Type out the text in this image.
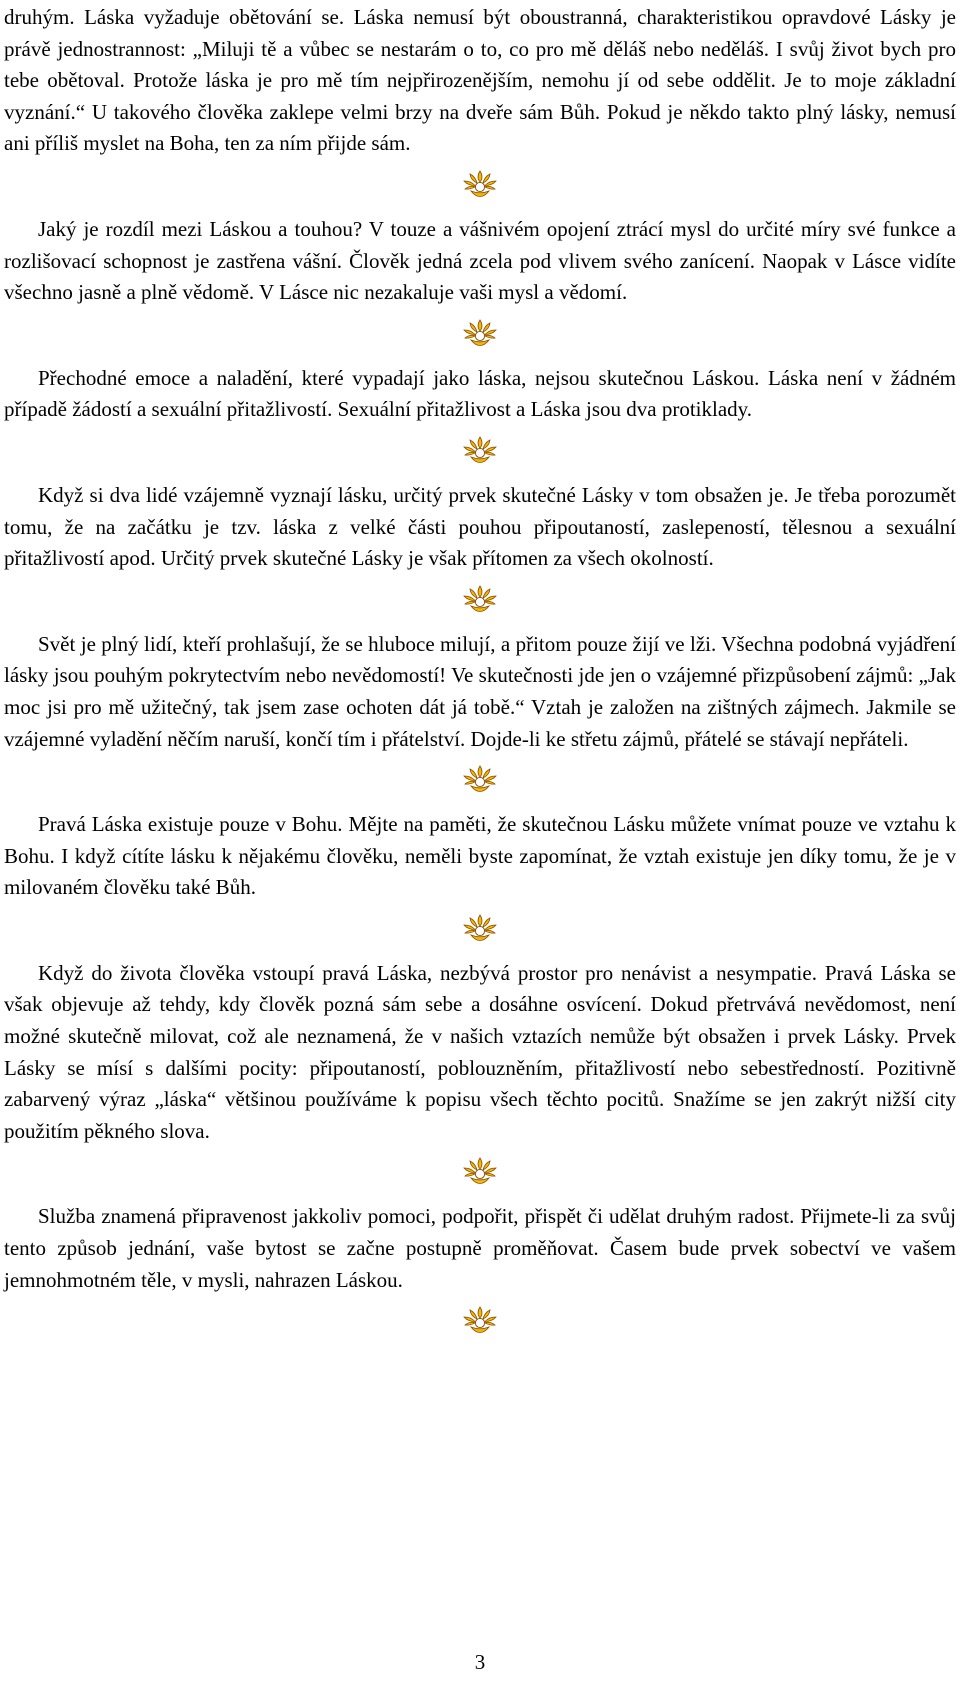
druhým. Láska vyžaduje obětování se. Láska nemusí být oboustranná, charakteristikou opravdové Lásky je právě jednostrannost: „Miluji tě a vůbec se nestarám o to, co pro mě děláš nebo neděláš. I svůj život bych pro tebe obětoval. Protože láska je pro mě tím nejpřirozenějším, nemohu jí od sebe oddělit. Je to moje základní vyznání.“ U takového člověka zaklepe velmi brzy na dveře sám Bůh. Pokud je někdo takto plný lásky, nemusí ani příliš myslet na Boha, ten za ním přijde sám.

Jaký je rozdíl mezi Láskou a touhou? V touze a vášnivém opojení ztrácí mysl do určité míry své funkce a rozlišovací schopnost je zastřena vášní. Člověk jedná zcela pod vlivem svého zanícení. Naopak v Lásce vidíte všechno jasně a plně vědomě. V Lásce nic nezakaluje vaši mysl a vědomí.

Přechodné emoce a naladění, které vypadají jako láska, nejsou skutečnou Láskou. Láska není v žádném případě žádostí a sexuální přitažlivostí. Sexuální přitažlivost a Láska jsou dva protiklady.

Když si dva lidé vzájemně vyznají lásku, určitý prvek skutečné Lásky v tom obsažen je. Je třeba porozumět tomu, že na začátku je tzv. láska z velké části pouhou připoutaností, zaslepeností, tělesnou a sexuální přitažlivostí apod. Určitý prvek skutečné Lásky je však přítomen za všech okolností.

Svět je plný lidí, kteří prohlašují, že se hluboce milují, a přitom pouze žijí ve lži. Všechna podobná vyjádření lásky jsou pouhým pokrytectvím nebo nevědomostí! Ve skutečnosti jde jen o vzájemné přizpůsobení zájmů: „Jak moc jsi pro mě užitečný, tak jsem zase ochoten dát já tobě.“ Vztah je založen na zištných zájmech. Jakmile se vzájemné vyladění něčím naruší, končí tím i přátelství. Dojde-li ke střetu zájmů, přátelé se stávají nepřáteli.

Pravá Láska existuje pouze v Bohu. Mějte na paměti, že skutečnou Lásku můžete vnímat pouze ve vztahu k Bohu. I když cítíte lásku k nějakému člověku, neměli byste zapomínat, že vztah existuje jen díky tomu, že je v milovaném člověku také Bůh.

Když do života člověka vstoupí pravá Láska, nezbývá prostor pro nenávist a nesympatie. Pravá Láska se však objevuje až tehdy, kdy člověk pozná sám sebe a dosáhne osvícení. Dokud přetrvává nevědomost, není možné skutečně milovat, což ale neznamená, že v našich vztazích nemůže být obsažen i prvek Lásky. Prvek Lásky se mísí s dalšími pocity: připoutaností, poblouzněním, přitažlivostí nebo sebestředností. Pozitivně zabarvený výraz „láska“ většinou používáme k popisu všech těchto pocitů. Snažíme se jen zakrýt nižší city použitím pěkného slova.

Služba znamená připravenost jakkoliv pomoci, podpořit, přispět či udělat druhým radost. Přijmete-li za svůj tento způsob jednání, vaše bytost se začne postupně proměňovat. Časem bude prvek sobectví ve vašem jemnohmotném těle, v mysli, nahrazen Láskou.

3
